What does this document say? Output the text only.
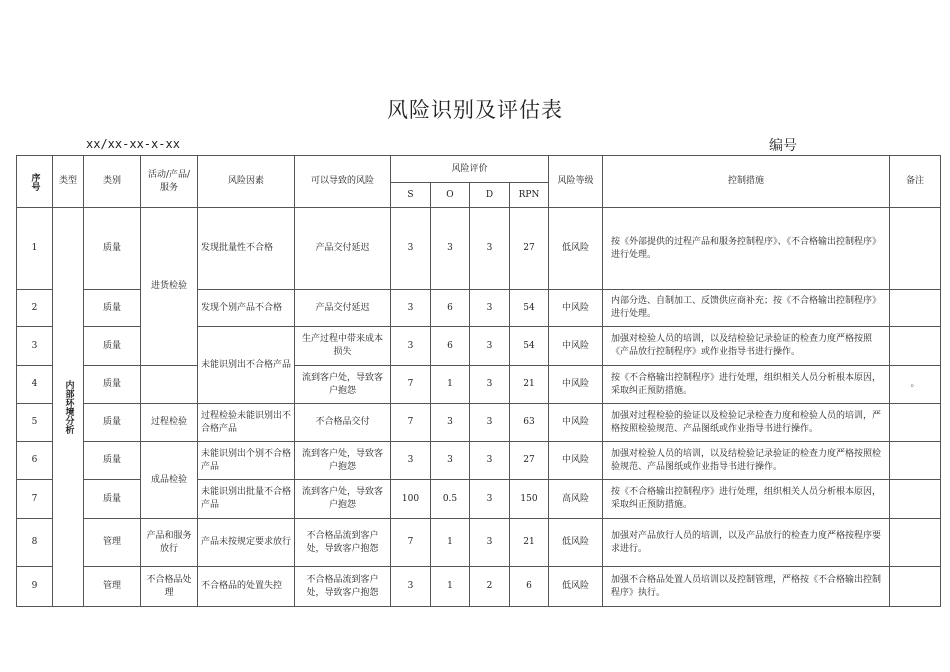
风险识别及评估表
xx/xx-xx-x-xx	编号
序号	类型	类别	活动/产品/服务	风险因素	可以导致的风险	风险评价				风险等级	控制措施	备注
						S	O	D	RPN			
1	内部环境分析	质量	进货检验	发现批量性不合格	产品交付延迟	3	3	3	27	低风险	按《外部提供的过程产品和服务控制程序》、《不合格输出控制程序》进行处理。	
2		质量		发现个别产品不合格	产品交付延迟	3	6	3	54	中风险	内部分选、自制加工、反馈供应商补充；按《不合格输出控制程序》进行处理。	
3		质量		未能识别出不合格产品	生产过程中带来成本损失	3	6	3	54	中风险	加强对检验人员的培训，以及结检验记录验证的检查力度严格按照《产品放行控制程序》或作业指导书进行操作。	
4		质量			流到客户处，导致客户抱怨	7	1	3	21	中风险	按《不合格输出控制程序》进行处理，组织相关人员分析根本原因，采取纠正预防措施。	。
5		质量	过程检验	过程检验未能识别出不合格产品	不合格品交付	7	3	3	63	中风险	加强对过程检验的验证以及检验记录检查力度和检验人员的培训，严格按照检验规范、产品图纸或作业指导书进行操作。	
6		质量	成品检验	未能识别出个别不合格产品	流到客户处，导致客户抱怨	3	3	3	27	中风险	加强对检验人员的培训，以及结检验记录验证的检查力度严格按照检验规范、产品图纸或作业指导书进行操作。	
7		质量		未能识别出批量不合格产品	流到客户处，导致客户抱怨	100	0.5	3	150	高风险	按《不合格输出控制程序》进行处理，组织相关人员分析根本原因，采取纠正预防措施。	
8		管理	产品和服务放行	产品未按规定要求放行	不合格品流到客户处，导致客户抱怨	7	1	3	21	低风险	加强对产品放行人员的培训，以及产品放行的检查力度严格按程序要求进行。	
9		管理	不合格品处理	不合格品的处置失控	不合格品流到客户处，导致客户抱怨	3	1	2	6	低风险	加强不合格品处置人员培训以及控制管理，严格按《不合格输出控制程序》执行。	
